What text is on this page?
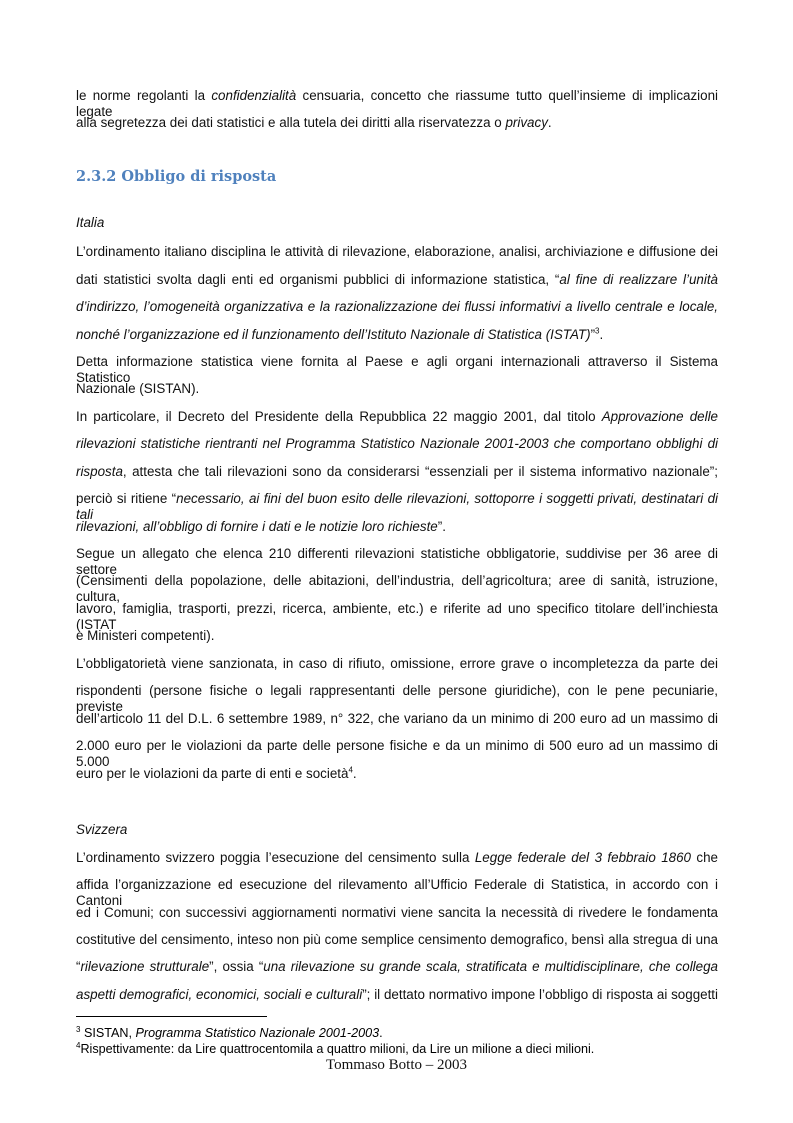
le norme regolanti la confidenzialità censuaria, concetto che riassume tutto quell’insieme di implicazioni legate
alla segretezza dei dati statistici e alla tutela dei diritti alla riservatezza o privacy.
2.3.2 Obbligo di risposta
Italia
L’ordinamento italiano disciplina le attività di rilevazione, elaborazione, analisi, archiviazione e diffusione dei
dati statistici svolta dagli enti ed organismi pubblici di informazione statistica, “al fine di realizzare l’unità
d’indirizzo, l’omogeneità organizzativa e la razionalizzazione dei flussi informativi a livello centrale e locale,
nonché l’organizzazione ed il funzionamento dell’Istituto Nazionale di Statistica (ISTAT)”$^3$.
Detta informazione statistica viene fornita al Paese e agli organi internazionali attraverso il Sistema Statistico
Nazionale (SISTAN).
In particolare, il Decreto del Presidente della Repubblica 22 maggio 2001, dal titolo Approvazione delle
rilevazioni statistiche rientranti nel Programma Statistico Nazionale 2001-2003 che comportano obblighi di
risposta, attesta che tali rilevazioni sono da considerarsi “essenziali per il sistema informativo nazionale”;
perciò si ritiene “necessario, ai fini del buon esito delle rilevazioni, sottoporre i soggetti privati, destinatari di tali
rilevazioni, all’obbligo di fornire i dati e le notizie loro richieste”.
Segue un allegato che elenca 210 differenti rilevazioni statistiche obbligatorie, suddivise per 36 aree di settore
(Censimenti della popolazione, delle abitazioni, dell’industria, dell’agricoltura; aree di sanità, istruzione, cultura,
lavoro, famiglia, trasporti, prezzi, ricerca, ambiente, etc.) e riferite ad uno specifico titolare dell’inchiesta (ISTAT
e Ministeri competenti).
L’obbligatorietà viene sanzionata, in caso di rifiuto, omissione, errore grave o incompletezza da parte dei
rispondenti (persone fisiche o legali rappresentanti delle persone giuridiche), con le pene pecuniarie, previste
dell’articolo 11 del D.L. 6 settembre 1989, n° 322, che variano da un minimo di 200 euro ad un massimo di
2.000 euro per le violazioni da parte delle persone fisiche e da un minimo di 500 euro ad un massimo di 5.000
euro per le violazioni da parte di enti e società$^4$.
Svizzera
L’ordinamento svizzero poggia l’esecuzione del censimento sulla Legge federale del 3 febbraio 1860 che
affida l’organizzazione ed esecuzione del rilevamento all’Ufficio Federale di Statistica, in accordo con i Cantoni
ed i Comuni; con successivi aggiornamenti normativi viene sancita la necessità di rivedere le fondamenta
costitutive del censimento, inteso non più come semplice censimento demografico, bensì alla stregua di una
“rilevazione strutturale”, ossia “una rilevazione su grande scala, stratificata e multidisciplinare, che collega
aspetti demografici, economici, sociali e culturali”; il dettato normativo impone l’obbligo di risposta ai soggetti
$^3$ SISTAN, Programma Statistico Nazionale 2001-2003.
$^4$Rispettivamente: da Lire quattrocentomila a quattro milioni, da Lire un milione a dieci milioni.
Tommaso Botto – 2003
